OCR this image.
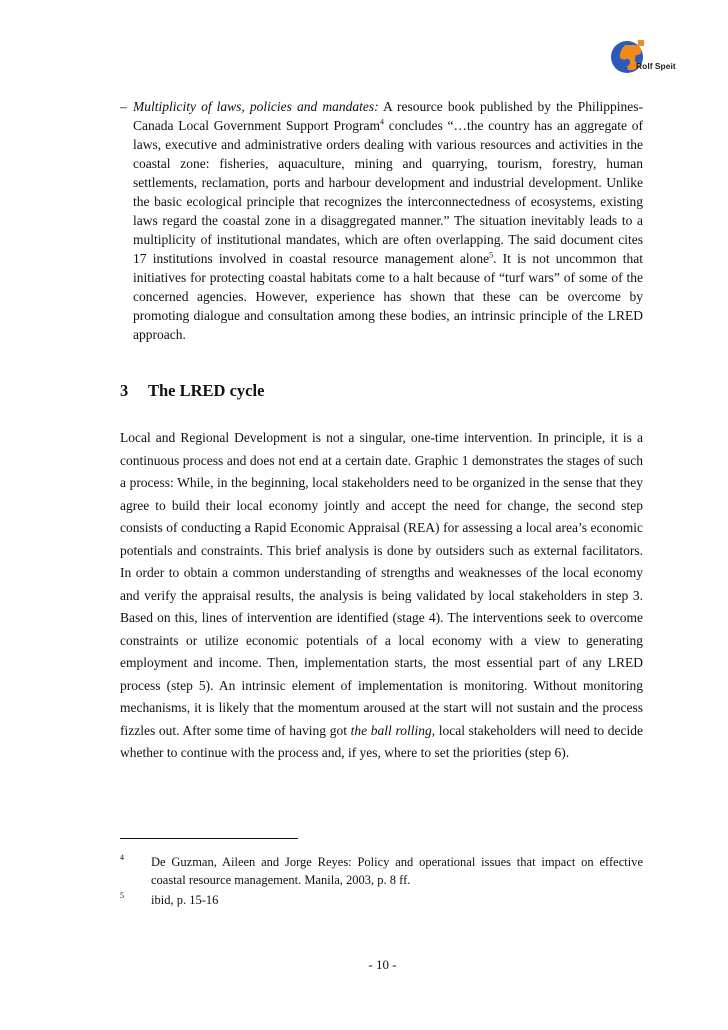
Rolf Speit
– Multiplicity of laws, policies and mandates: A resource book published by the Philippines-Canada Local Government Support Program$^4$ concludes “…the country has an aggregate of laws, executive and administrative orders dealing with various resources and activities in the coastal zone: fisheries, aquaculture, mining and quarrying, tourism, forestry, human settlements, reclamation, ports and harbour development and industrial development. Unlike the basic ecological principle that recognizes the interconnectedness of ecosystems, existing laws regard the coastal zone in a disaggregated manner.” The situation inevitably leads to a multiplicity of institutional mandates, which are often overlapping. The said document cites 17 institutions involved in coastal resource management alone$^5$. It is not uncommon that initiatives for protecting coastal habitats come to a halt because of “turf wars” of some of the concerned agencies. However, experience has shown that these can be overcome by promoting dialogue and consultation among these bodies, an intrinsic principle of the LRED approach.
3 The LRED cycle

Local and Regional Development is not a singular, one-time intervention. In principle, it is a continuous process and does not end at a certain date. Graphic 1 demonstrates the stages of such a process: While, in the beginning, local stakeholders need to be organized in the sense that they agree to build their local economy jointly and accept the need for change, the second step consists of conducting a Rapid Economic Appraisal (REA) for assessing a local area’s economic potentials and constraints. This brief analysis is done by outsiders such as external facilitators. In order to obtain a common understanding of strengths and weaknesses of the local economy and verify the appraisal results, the analysis is being validated by local stakeholders in step 3. Based on this, lines of intervention are identified (stage 4). The interventions seek to overcome constraints or utilize economic potentials of a local economy with a view to generating employment and income. Then, implementation starts, the most essential part of any LRED process (step 5). An intrinsic element of implementation is monitoring. Without monitoring mechanisms, it is likely that the momentum aroused at the start will not sustain and the process fizzles out. After some time of having got the ball rolling, local stakeholders will need to decide whether to continue with the process and, if yes, where to set the priorities (step 6).

4 De Guzman, Aileen and Jorge Reyes: Policy and operational issues that impact on effective coastal resource management. Manila, 2003, p. 8 ff.
5 ibid, p. 15-16
- 10 -
